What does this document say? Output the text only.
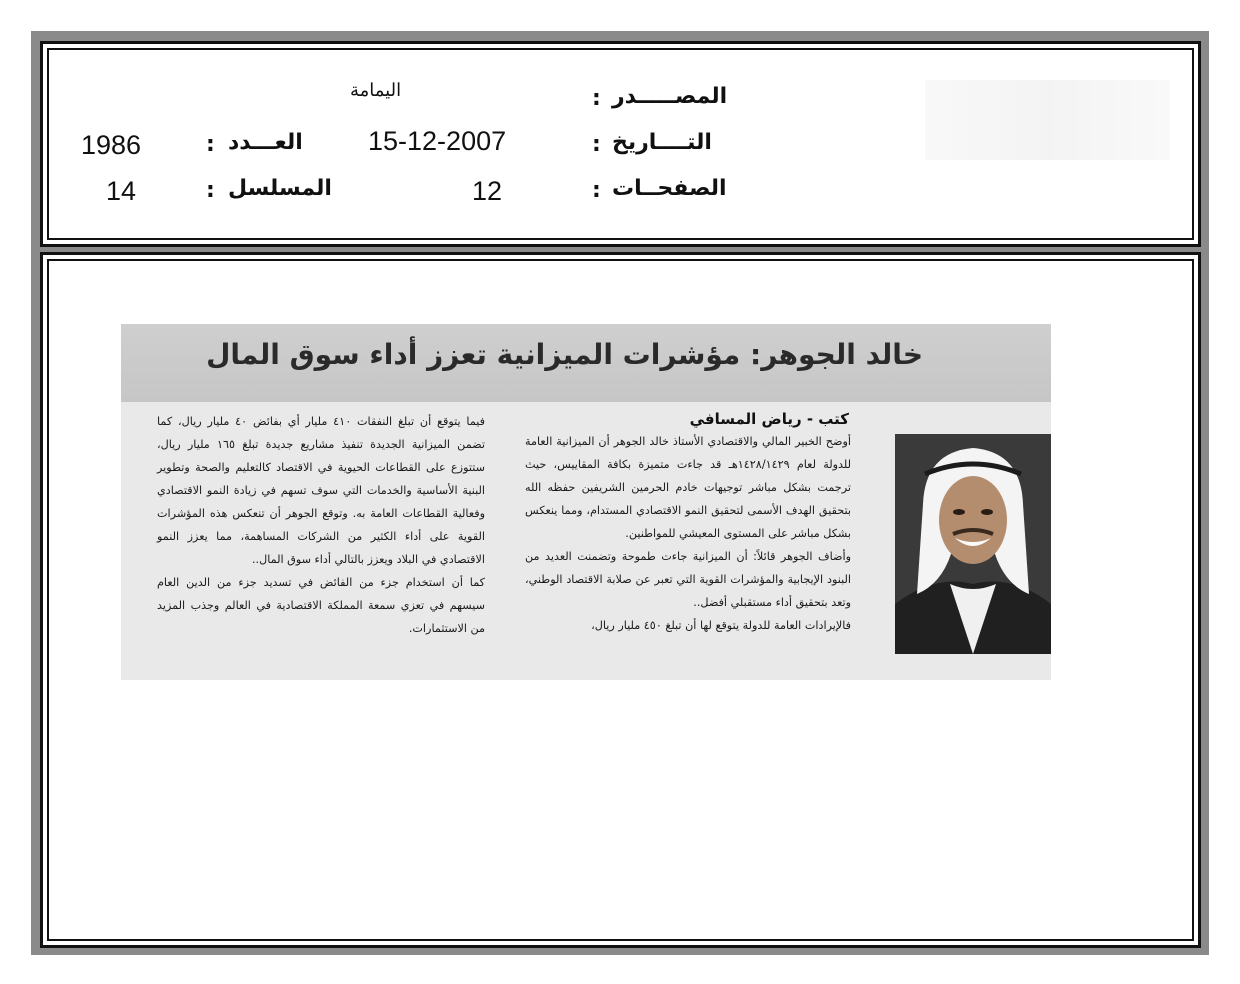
المصـــــدر
:
اليمامة
التــــاريخ
:
15-12-2007
العـــدد
:
1986
الصفحــات
:
12
المسلسل
:
14
خالد الجوهر: مؤشرات الميزانية تعزز أداء سوق المال
كتب - رياض المسافي

أوضح الخبير المالي والاقتصادي الأستاذ خالد الجوهر أن الميزانية العامة للدولة لعام ١٤٢٨/١٤٢٩هـ قد جاءت متميزة بكافة المقاييس، حيث ترجمت بشكل مباشر توجيهات خادم الحرمين الشريفين حفظه الله بتحقيق الهدف الأسمى لتحقيق النمو الاقتصادي المستدام، ومما ينعكس بشكل مباشر على المستوى المعيشي للمواطنين.

وأضاف الجوهر قائلاً: أن الميزانية جاءت طموحة وتضمنت العديد من البنود الإيجابية والمؤشرات القوية التي تعبر عن صلابة الاقتصاد الوطني، وتعد بتحقيق أداء مستقبلي أفضل..

فالإيرادات العامة للدولة يتوقع لها أن تبلغ ٤٥٠ مليار ريال،

فيما يتوقع أن تبلغ النفقات ٤١٠ مليار أي بفائض ٤٠ مليار ريال، كما تضمن الميزانية الجديدة تنفيذ مشاريع جديدة تبلغ ١٦٥ مليار ريال، ستتوزع على القطاعات الحيوية في الاقتصاد كالتعليم والصحة وتطوير البنية الأساسية والخدمات التي سوف تسهم في زيادة النمو الاقتصادي وفعالية القطاعات العامة به. وتوقع الجوهر أن تنعكس هذه المؤشرات القوية على أداء الكثير من الشركات المساهمة، مما يعزز النمو الاقتصادي في البلاد ويعزز بالتالي أداء سوق المال..

كما أن استخدام جزء من الفائض في تسديد جزء من الدين العام سيسهم في تعزي سمعة المملكة الاقتصادية في العالم وجذب المزيد من الاستثمارات.
